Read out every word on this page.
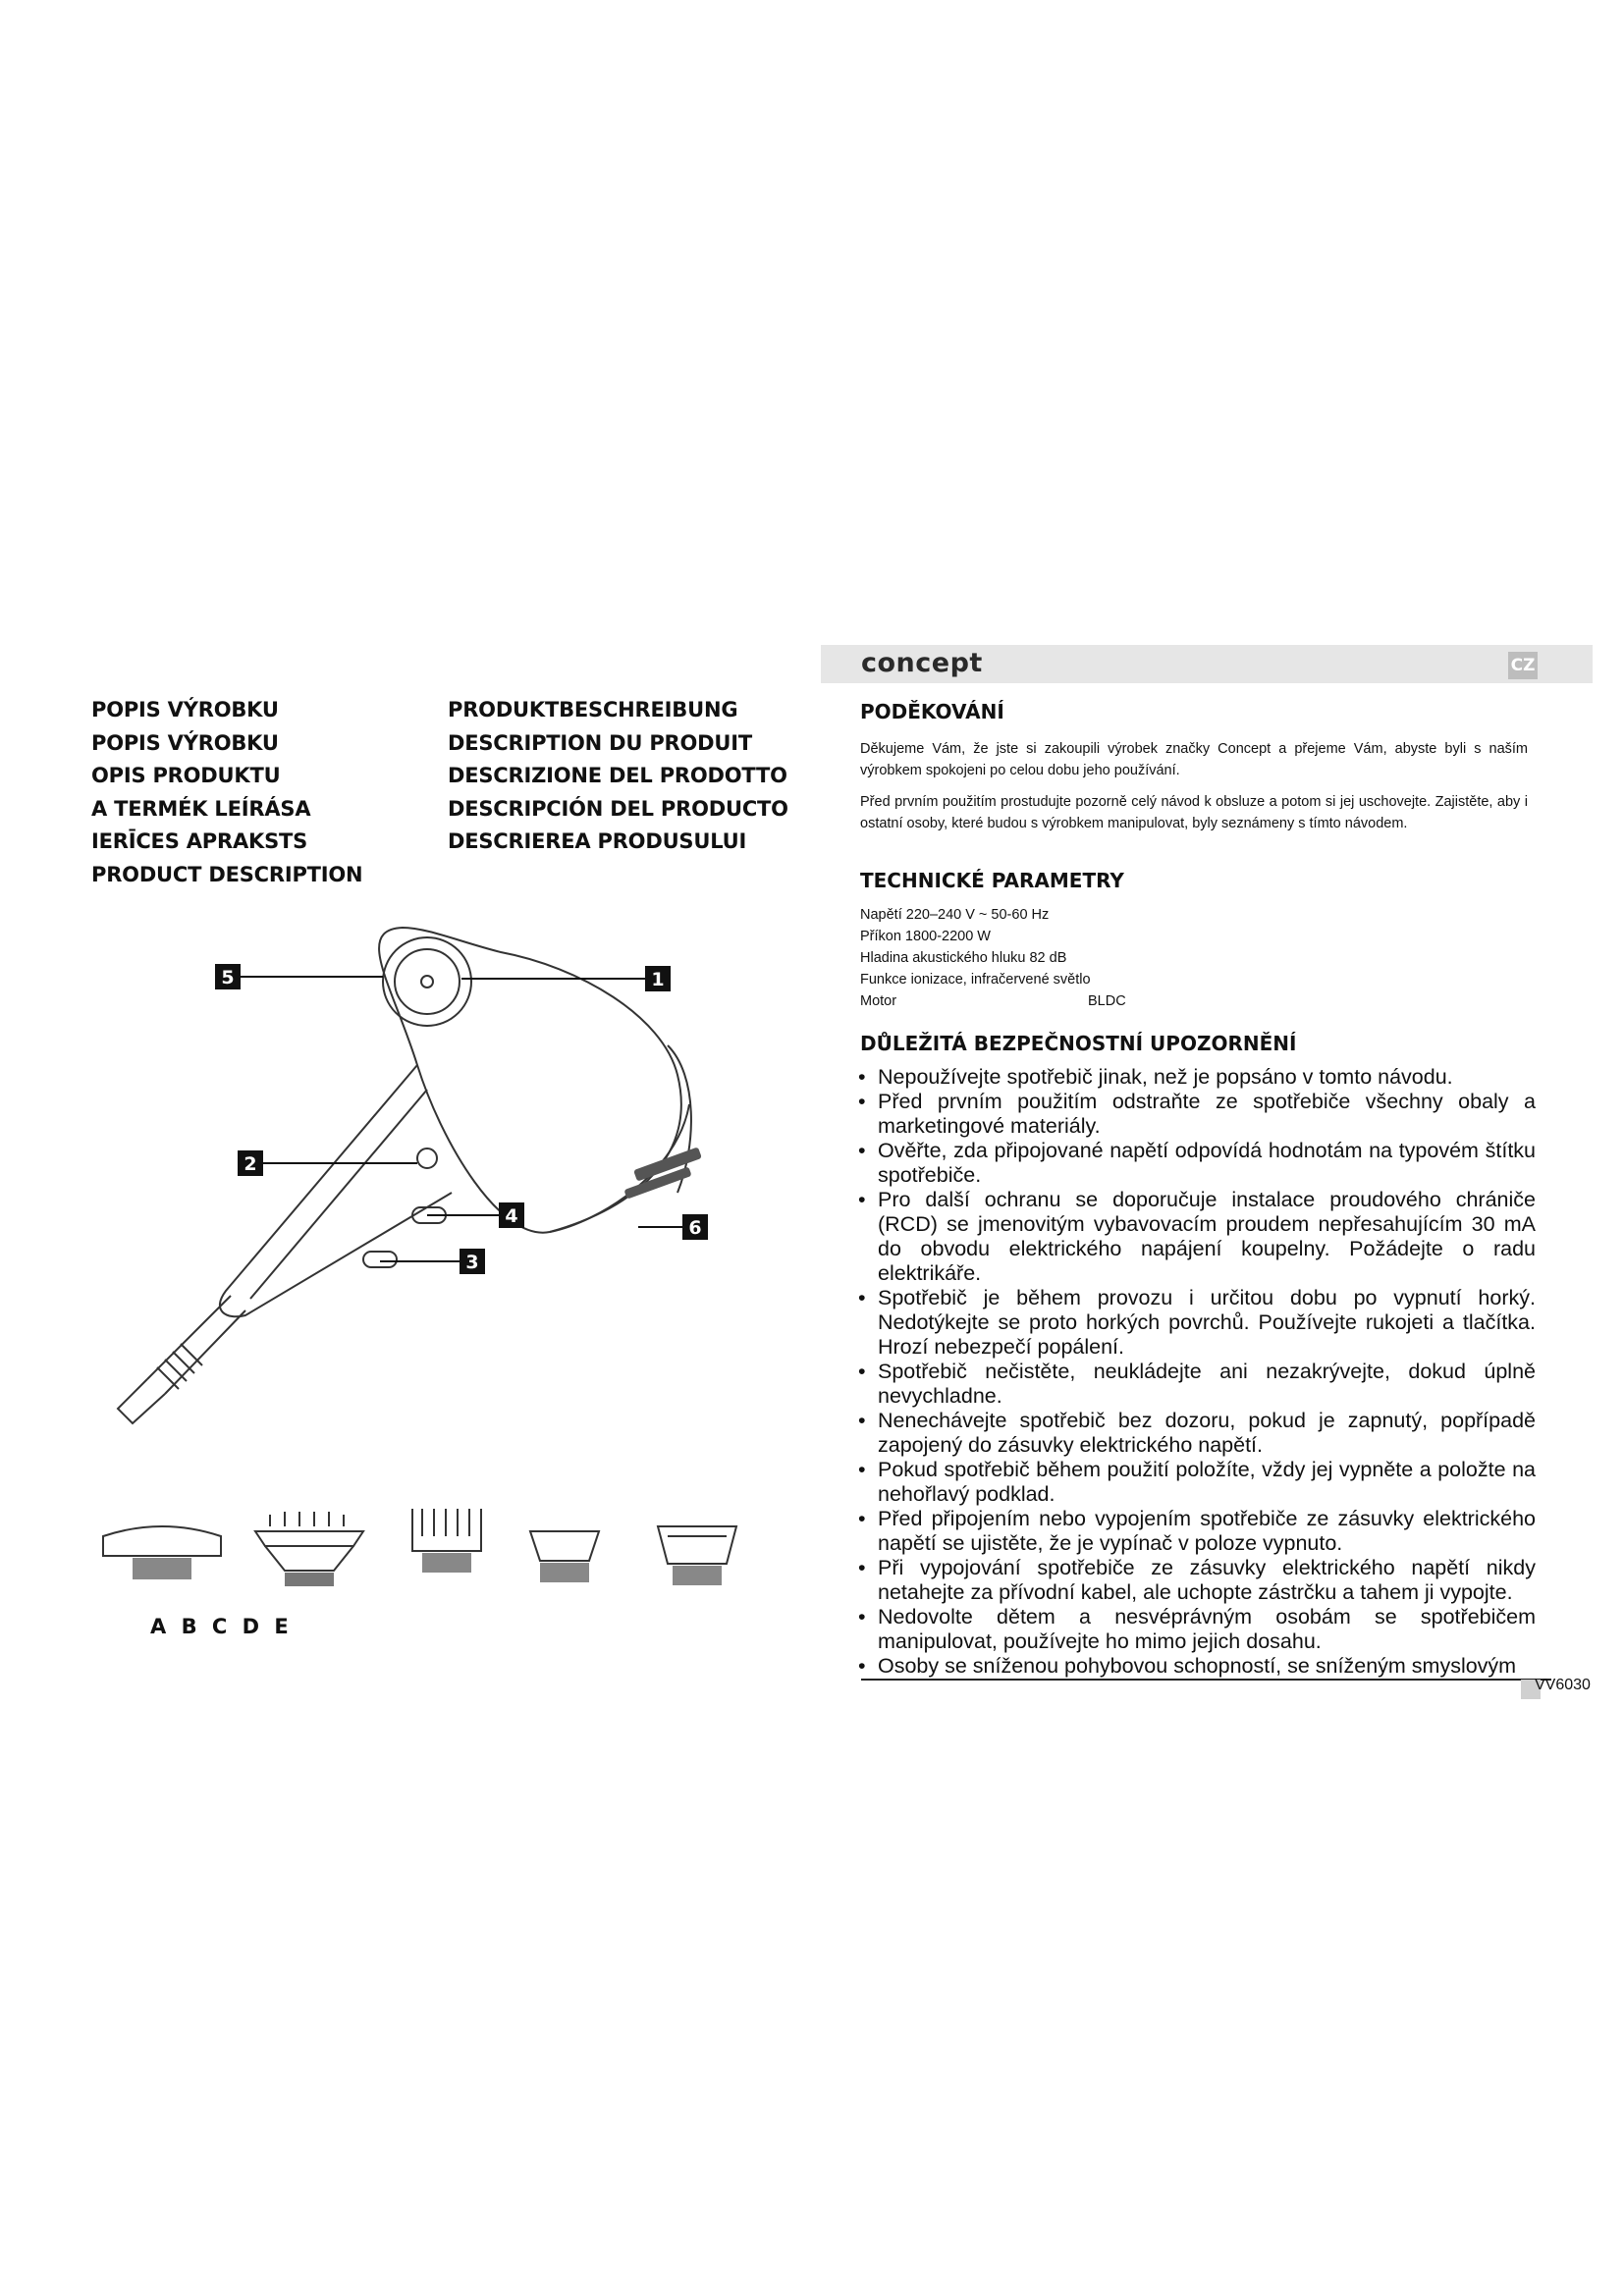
POPIS VÝROBKU
POPIS VÝROBKU
OPIS PRODUKTU
A TERMÉK LEÍRÁSA
IERĪCES APRAKSTS
PRODUCT DESCRIPTION
PRODUKTBESCHREIBUNG
DESCRIPTION DU PRODUIT
DESCRIZIONE DEL PRODOTTO
DESCRIPCIÓN DEL PRODUCTO
DESCRIEREA PRODUSULUI
1
5
2
4
3
6
A B C D E
concept	CZ
PODĚKOVÁNÍ
Děkujeme Vám, že jste si zakoupili výrobek značky Concept a přejeme Vám, abyste byli s naším výrobkem spokojeni po celou dobu jeho používání.
Před prvním použitím prostudujte pozorně celý návod k obsluze a potom si jej uschovejte. Zajistěte, aby i ostatní osoby, které budou s výrobkem manipulovat, byly seznámeny s tímto návodem.
TECHNICKÉ PARAMETRY
Napětí 220–240 V ~ 50-60 Hz
Příkon 1800-2200 W
Hladina akustického hluku 82 dB
Funkce ionizace, infračervené světlo
Motor	BLDC
DŮLEŽITÁ BEZPEČNOSTNÍ UPOZORNĚNÍ
• Nepoužívejte spotřebič jinak, než je popsáno v tomto návodu.
• Před prvním použitím odstraňte ze spotřebiče všechny obaly a marketingové materiály.
• Ověřte, zda připojované napětí odpovídá hodnotám na typovém štítku spotřebiče.
• Pro další ochranu se doporučuje instalace proudového chrániče (RCD) se jmenovitým vybavovacím proudem nepřesahujícím 30 mA do obvodu elektrického napájení koupelny. Požádejte o radu elektrikáře.
• Spotřebič je během provozu i určitou dobu po vypnutí horký. Nedotýkejte se proto horkých povrchů. Používejte rukojeti a tlačítka. Hrozí nebezpečí popálení.
• Spotřebič nečistěte, neukládejte ani nezakrývejte, dokud úplně nevychladne.
• Nenechávejte spotřebič bez dozoru, pokud je zapnutý, popřípadě zapojený do zásuvky elektrického napětí.
• Pokud spotřebič během použití položíte, vždy jej vypněte a položte na nehořlavý podklad.
• Před připojením nebo vypojením spotřebiče ze zásuvky elektrického napětí se ujistěte, že je vypínač v poloze vypnuto.
• Při vypojování spotřebiče ze zásuvky elektrického napětí nikdy netahejte za přívodní kabel, ale uchopte zástrčku a tahem ji vypojte.
• Nedovolte dětem a nesvéprávným osobám se spotřebičem manipulovat, používejte ho mimo jejich dosahu.
• Osoby se sníženou pohybovou schopností, se sníženým smyslovým
VV6030
